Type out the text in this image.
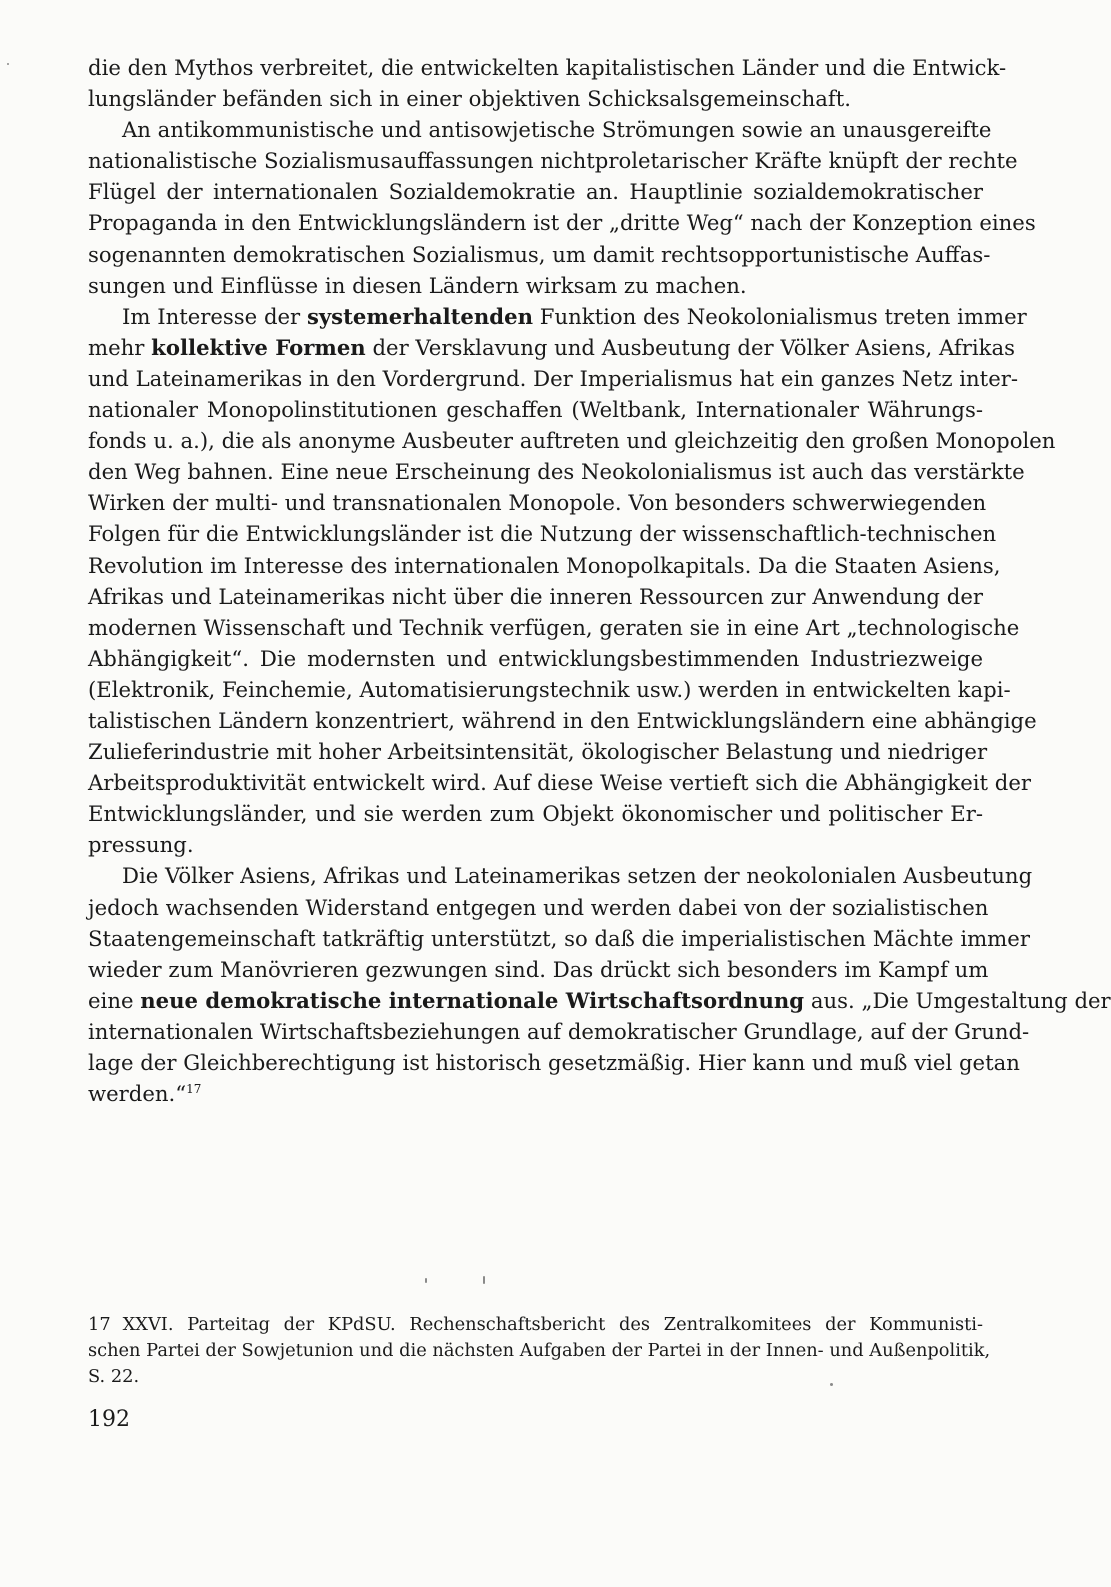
die den Mythos verbreitet, die entwickelten kapitalistischen Länder und die Entwick-
lungsländer befänden sich in einer objektiven Schicksalsgemeinschaft.
An antikommunistische und antisowjetische Strömungen sowie an unausgereifte
nationalistische Sozialismusauffassungen nichtproletarischer Kräfte knüpft der rechte
Flügel der internationalen Sozialdemokratie an. Hauptlinie sozialdemokratischer
Propaganda in den Entwicklungsländern ist der „dritte Weg“ nach der Konzeption eines
sogenannten demokratischen Sozialismus, um damit rechtsopportunistische Auffas-
sungen und Einflüsse in diesen Ländern wirksam zu machen.
Im Interesse der systemerhaltenden Funktion des Neokolonialismus treten immer
mehr kollektive Formen der Versklavung und Ausbeutung der Völker Asiens, Afrikas
und Lateinamerikas in den Vordergrund. Der Imperialismus hat ein ganzes Netz inter-
nationaler Monopolinstitutionen geschaffen (Weltbank, Internationaler Währungs-
fonds u. a.), die als anonyme Ausbeuter auftreten und gleichzeitig den großen Monopolen
den Weg bahnen. Eine neue Erscheinung des Neokolonialismus ist auch das verstärkte
Wirken der multi- und transnationalen Monopole. Von besonders schwerwiegenden
Folgen für die Entwicklungsländer ist die Nutzung der wissenschaftlich-technischen
Revolution im Interesse des internationalen Monopolkapitals. Da die Staaten Asiens,
Afrikas und Lateinamerikas nicht über die inneren Ressourcen zur Anwendung der
modernen Wissenschaft und Technik verfügen, geraten sie in eine Art „technologische
Abhängigkeit“. Die modernsten und entwicklungsbestimmenden Industriezweige
(Elektronik, Feinchemie, Automatisierungstechnik usw.) werden in entwickelten kapi-
talistischen Ländern konzentriert, während in den Entwicklungsländern eine abhängige
Zulieferindustrie mit hoher Arbeitsintensität, ökologischer Belastung und niedriger
Arbeitsproduktivität entwickelt wird. Auf diese Weise vertieft sich die Abhängigkeit der
Entwicklungsländer, und sie werden zum Objekt ökonomischer und politischer Er-
pressung.
Die Völker Asiens, Afrikas und Lateinamerikas setzen der neokolonialen Ausbeutung
jedoch wachsenden Widerstand entgegen und werden dabei von der sozialistischen
Staatengemeinschaft tatkräftig unterstützt, so daß die imperialistischen Mächte immer
wieder zum Manövrieren gezwungen sind. Das drückt sich besonders im Kampf um
eine neue demokratische internationale Wirtschaftsordnung aus. „Die Umgestaltung der
internationalen Wirtschaftsbeziehungen auf demokratischer Grundlage, auf der Grund-
lage der Gleichberechtigung ist historisch gesetzmäßig. Hier kann und muß viel getan
werden.“$^{17}$
17 XXVI. Parteitag der KPdSU. Rechenschaftsbericht des Zentralkomitees der Kommunisti-
schen Partei der Sowjetunion und die nächsten Aufgaben der Partei in der Innen- und Außenpolitik,
S. 22.
192
